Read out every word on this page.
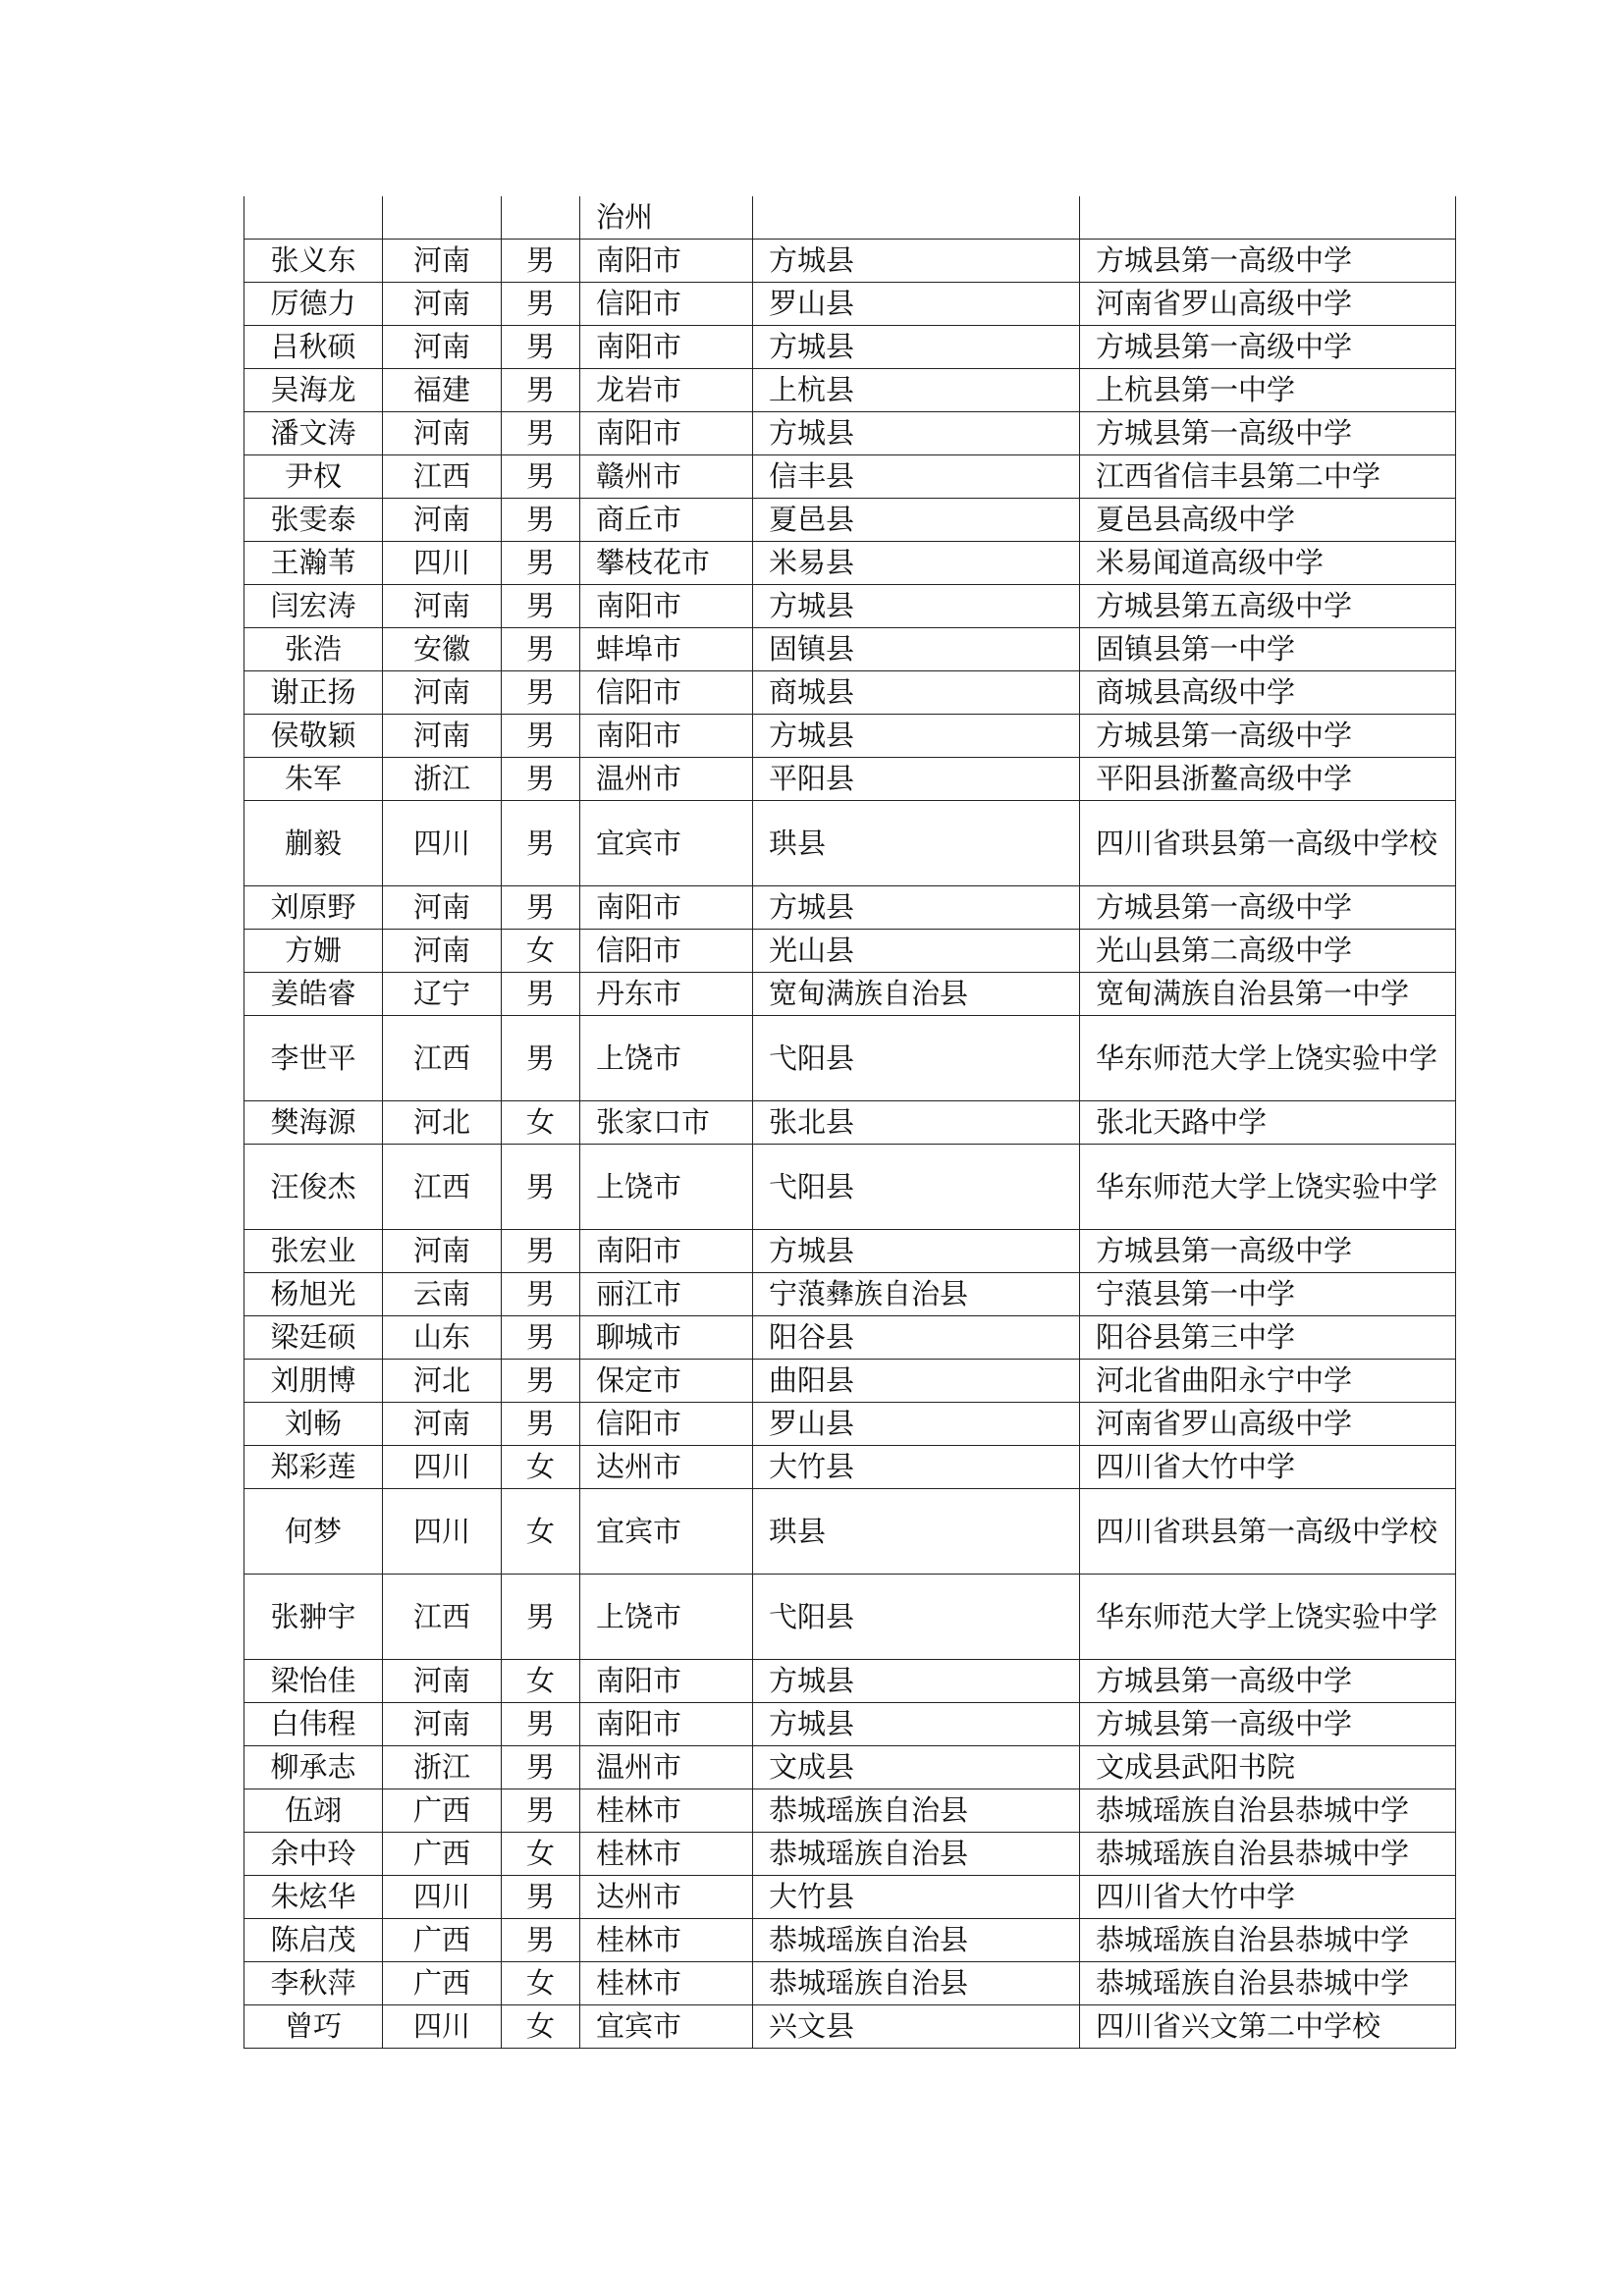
			治州		
张义东	河南	男	南阳市	方城县	方城县第一高级中学
厉德力	河南	男	信阳市	罗山县	河南省罗山高级中学
吕秋硕	河南	男	南阳市	方城县	方城县第一高级中学
吴海龙	福建	男	龙岩市	上杭县	上杭县第一中学
潘文涛	河南	男	南阳市	方城县	方城县第一高级中学
尹权	江西	男	赣州市	信丰县	江西省信丰县第二中学
张雯泰	河南	男	商丘市	夏邑县	夏邑县高级中学
王瀚苇	四川	男	攀枝花市	米易县	米易闻道高级中学
闫宏涛	河南	男	南阳市	方城县	方城县第五高级中学
张浩	安徽	男	蚌埠市	固镇县	固镇县第一中学
谢正扬	河南	男	信阳市	商城县	商城县高级中学
侯敬颖	河南	男	南阳市	方城县	方城县第一高级中学
朱军	浙江	男	温州市	平阳县	平阳县浙鳌高级中学
蒯毅	四川	男	宜宾市	珙县	四川省珙县第一高级中学校
刘原野	河南	男	南阳市	方城县	方城县第一高级中学
方姗	河南	女	信阳市	光山县	光山县第二高级中学
姜皓睿	辽宁	男	丹东市	宽甸满族自治县	宽甸满族自治县第一中学
李世平	江西	男	上饶市	弋阳县	华东师范大学上饶实验中学
樊海源	河北	女	张家口市	张北县	张北天路中学
汪俊杰	江西	男	上饶市	弋阳县	华东师范大学上饶实验中学
张宏业	河南	男	南阳市	方城县	方城县第一高级中学
杨旭光	云南	男	丽江市	宁蒗彝族自治县	宁蒗县第一中学
梁廷硕	山东	男	聊城市	阳谷县	阳谷县第三中学
刘朋博	河北	男	保定市	曲阳县	河北省曲阳永宁中学
刘畅	河南	男	信阳市	罗山县	河南省罗山高级中学
郑彩莲	四川	女	达州市	大竹县	四川省大竹中学
何梦	四川	女	宜宾市	珙县	四川省珙县第一高级中学校
张翀宇	江西	男	上饶市	弋阳县	华东师范大学上饶实验中学
梁怡佳	河南	女	南阳市	方城县	方城县第一高级中学
白伟程	河南	男	南阳市	方城县	方城县第一高级中学
柳承志	浙江	男	温州市	文成县	文成县武阳书院
伍翊	广西	男	桂林市	恭城瑶族自治县	恭城瑶族自治县恭城中学
余中玲	广西	女	桂林市	恭城瑶族自治县	恭城瑶族自治县恭城中学
朱炫华	四川	男	达州市	大竹县	四川省大竹中学
陈启茂	广西	男	桂林市	恭城瑶族自治县	恭城瑶族自治县恭城中学
李秋萍	广西	女	桂林市	恭城瑶族自治县	恭城瑶族自治县恭城中学
曾巧	四川	女	宜宾市	兴文县	四川省兴文第二中学校
